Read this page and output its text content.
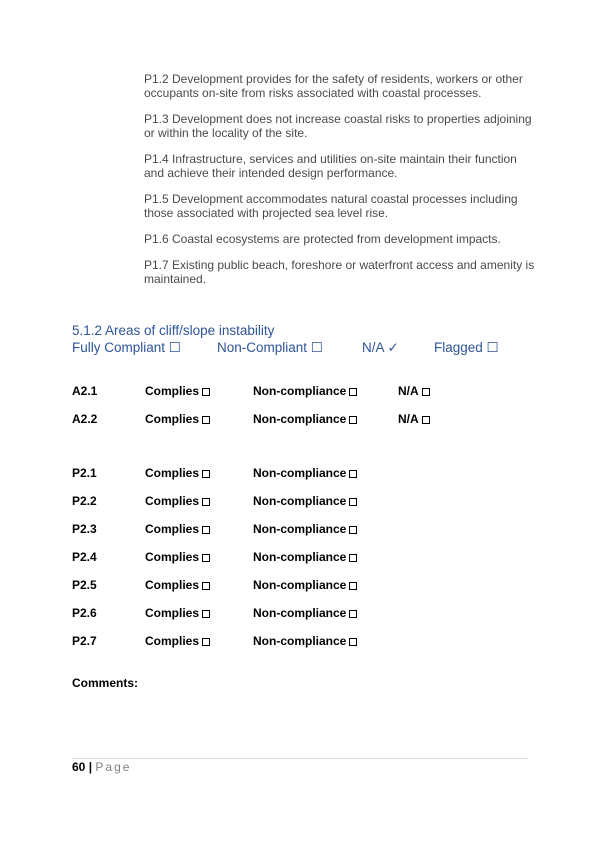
P1.2 Development provides for the safety of residents, workers or other occupants on-site from risks associated with coastal processes.
P1.3 Development does not increase coastal risks to properties adjoining or within the locality of the site.
P1.4 Infrastructure, services and utilities on-site maintain their function and achieve their intended design performance.
P1.5 Development accommodates natural coastal processes including those associated with projected sea level rise.
P1.6 Coastal ecosystems are protected from development impacts.
P1.7 Existing public beach, foreshore or waterfront access and amenity is maintained.
5.1.2 Areas of cliff/slope instability
Fully Compliant ☐	Non-Compliant ☐	N/A ✓	Flagged ☐
A2.1	Complies	Non-compliance	N/A
A2.2	Complies	Non-compliance	N/A
P2.1	Complies	Non-compliance
P2.2	Complies	Non-compliance
P2.3	Complies	Non-compliance
P2.4	Complies	Non-compliance
P2.5	Complies	Non-compliance
P2.6	Complies	Non-compliance
P2.7	Complies	Non-compliance
Comments:
60 | Page
